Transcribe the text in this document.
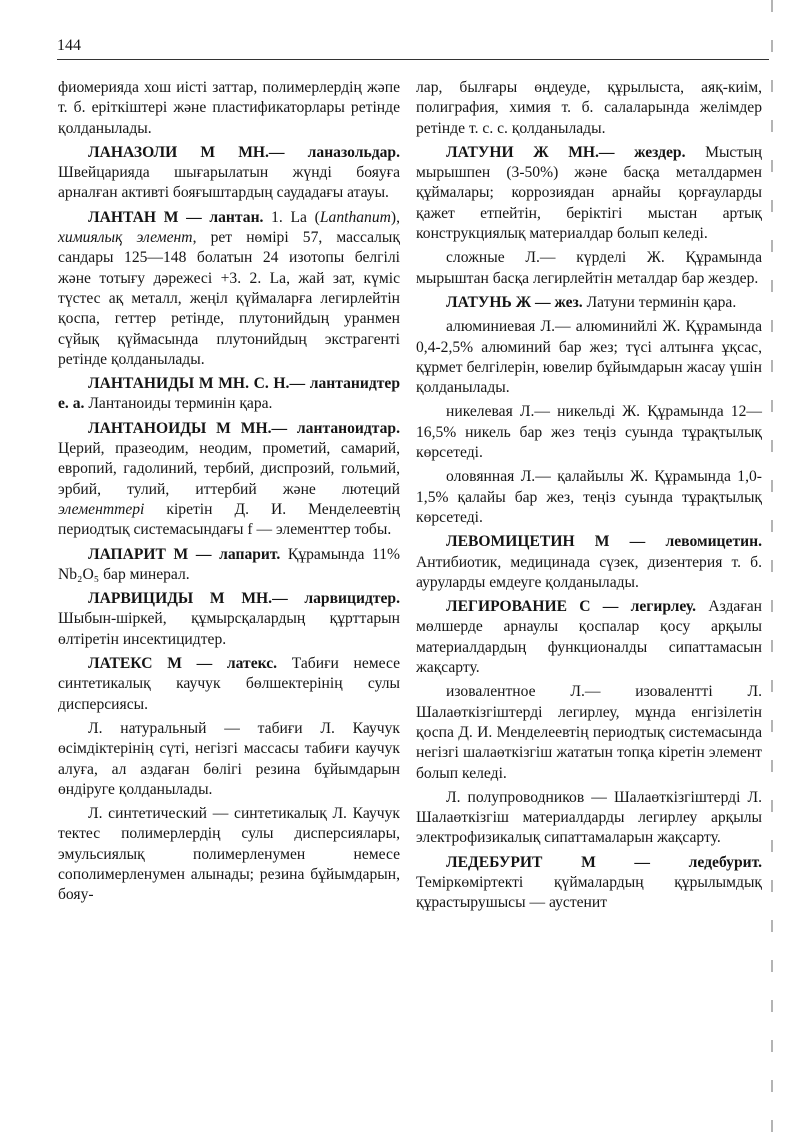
144

фиомерияда хош иісті заттар, полимерлердің жәпе т. б. еріткіштері және пластификаторлары ретінде қолданылады.

ЛАНАЗОЛИ М МН.— ланазольдар. Швейцарияда шығарылатын жүнді бояуға арналған активті бояғыштардың саудадағы атауы.

ЛАНТАН М — лантан. 1. La (Lanthanum), химиялық элемент, рет нөмірі 57, массалық сандары 125—148 болатын 24 изотопы белгілі және тотығу дәрежесі +3. 2. La, жай зат, күміс түстес ақ металл, жеңіл қүймаларға легирлейтін қоспа, геттер ретінде, плутонийдың уранмен сүйық қүймасында плутонийдың экстрагенті ретінде қолданылады.

ЛАНТАНИДЫ М МН. С. Н.— лантанидтер е. а. Лантаноиды терминін қара.

ЛАНТАНОИДЫ М МН.— лантаноидтар. Церий, празеодим, неодим, прометий, самарий, европий, гадолиний, тербий, диспрозий, гольмий, эрбий, тулий, иттербий және лютеций элементтері кіретін Д. И. Менделеевтің периодтық системасындағы f — элементтер тобы.

ЛАПАРИТ М — лапарит. Құрамында 11% Nb₂O₅ бар минерал.

ЛАРВИЦИДЫ М МН.— ларвицидтер. Шыбын-шіркей, құмырсқалардың құрттарын өлтіретін инсектицидтер.

ЛАТЕКС М — латекс. Табиғи немесе синтетикалық каучук бөлшектерінің сулы дисперсиясы.

Л. натуральный — табиғи Л. Каучук өсімдіктерінің сүті, негізгі массасы табиғи каучук алуға, ал аздаған бөлігі резина бұйымдарын өндіруге қолданылады.

Л. синтетический — синтетикалық Л. Каучук тектес полимерлердің сулы дисперсиялары, эмульсиялық полимерленумен немесе сополимерленумен алынады; резина бұйымдарын, бояу-

лар, былғары өңдеуде, құрылыста, аяқ-киім, полиграфия, химия т. б. салаларында желімдер ретінде т. с. с. қолданылады.

ЛАТУНИ Ж МН.— жездер. Мыстың мырышпен (3-50%) және басқа металдармен құймалары; коррозиядан арнайы қорғауларды қажет етпейтін, беріктігі мыстан артық конструкциялық материалдар болып келеді.

сложные Л.— күрделі Ж. Құрамында мырыштан басқа легирлейтін металдар бар жездер.

ЛАТУНЬ Ж — жез. Латуни терминін қара.

алюминиевая Л.— алюминийлі Ж. Құрамында 0,4-2,5% алюминий бар жез; түсі алтынға ұқсас, құрмет белгілерін, ювелир бұйымдарын жасау үшін қолданылады.

никелевая Л.— никельді Ж. Құрамында 12—16,5% никель бар жез теңіз суында тұрақтылық көрсетеді.

оловянная Л.— қалайылы Ж. Құрамында 1,0-1,5% қалайы бар жез, теңіз суында тұрақтылық көрсетеді.

ЛЕВОМИЦЕТИН М — левомицетин. Антибиотик, медицинада сүзек, дизентерия т. б. ауруларды емдеуге қолданылады.

ЛЕГИРОВАНИЕ С — легирлеу. Аздаған мөлшерде арнаулы қоспалар қосу арқылы материалдардың функционалды сипаттамасын жақсарту.

изовалентное Л.— изовалентті Л. Шалаөткізгіштерді легирлеу, мұнда енгізілетін қоспа Д. И. Менделеевтің периодтық системасында негізгі шалаөткізгіш жататын топқа кіретін элемент болып келеді.

Л. полупроводников — Шалаөткізгіштерді Л. Шалаөткізгіш материалдарды легирлеу арқылы электрофизикалық сипаттамаларын жақсарту.

ЛЕДЕБУРИТ М — ледебурит. Теміркөміртекті қүймалардың құрылымдық құрастырушысы — аустенит
